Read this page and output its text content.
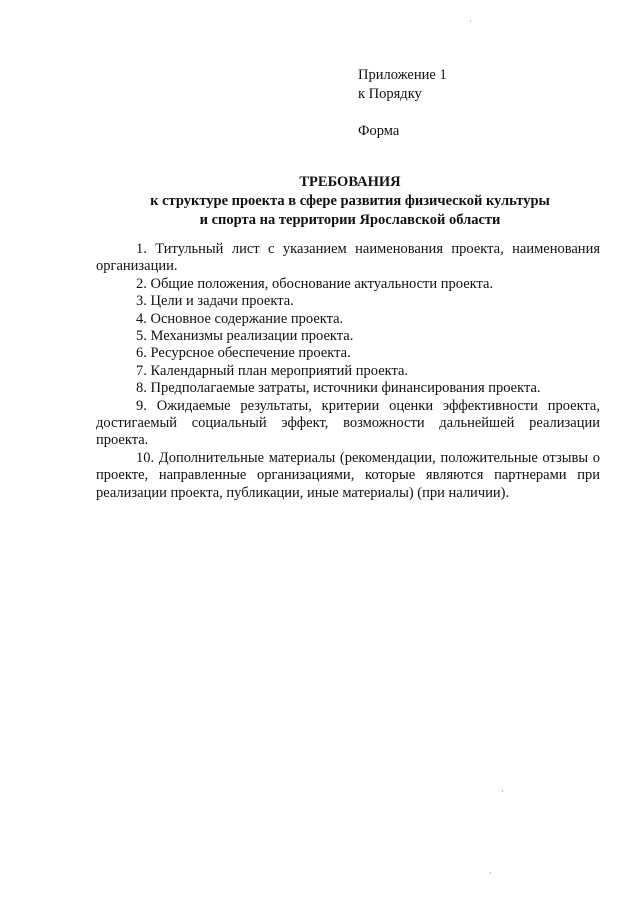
Приложение 1
к Порядку
Форма
ТРЕБОВАНИЯ
к структуре проекта в сфере развития физической культуры
и спорта на территории Ярославской области

1. Титульный лист с указанием наименования проекта, наименования организации.

2. Общие положения, обоснование актуальности проекта.

3. Цели и задачи проекта.

4. Основное содержание проекта.

5. Механизмы реализации проекта.

6. Ресурсное обеспечение проекта.

7. Календарный план мероприятий проекта.

8. Предполагаемые затраты, источники финансирования проекта.

9. Ожидаемые результаты, критерии оценки эффективности проекта, достигаемый социальный эффект, возможности дальнейшей реализации проекта.

10. Дополнительные материалы (рекомендации, положительные отзывы о проекте, направленные организациями, которые являются партнерами при реализации проекта, публикации, иные материалы) (при наличии).
